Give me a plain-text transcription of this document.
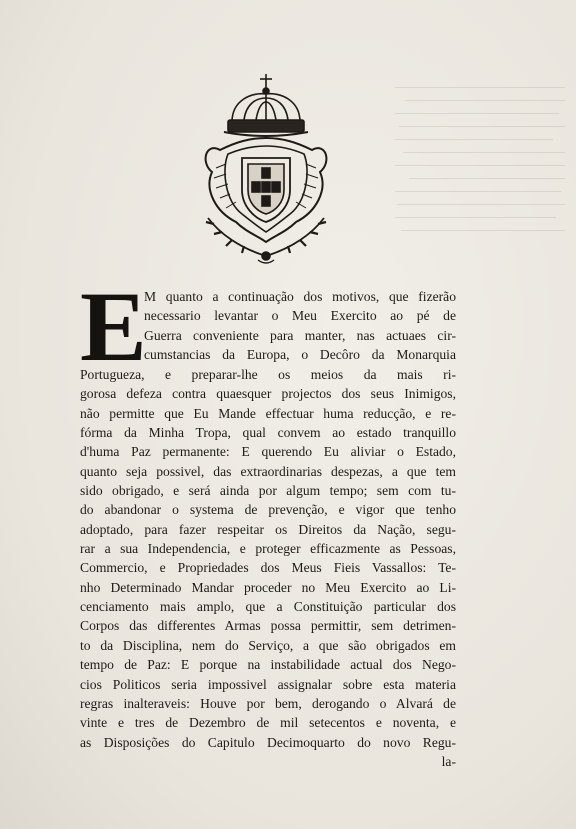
E
M quanto a continuação dos motivos, que fizerão
necessario levantar o Meu Exercito ao pé de
Guerra conveniente para manter, nas actuaes cir-
cumstancias da Europa, o Decôro da Monarquia
Portugueza, e preparar-lhe os meios da mais ri-
gorosa defeza contra quaesquer projectos dos seus Inimigos,
não permitte que Eu Mande effectuar huma reducção, e re-
fórma da Minha Tropa, qual convem ao estado tranquillo
d'huma Paz permanente: E querendo Eu aliviar o Estado,
quanto seja possivel, das extraordinarias despezas, a que tem
sido obrigado, e será ainda por algum tempo; sem com tu-
do abandonar o systema de prevenção, e vigor que tenho
adoptado, para fazer respeitar os Direitos da Nação, segu-
rar a sua Independencia, e proteger efficazmente as Pessoas,
Commercio, e Propriedades dos Meus Fieis Vassallos: Te-
nho Determinado Mandar proceder no Meu Exercito ao Li-
cenciamento mais amplo, que a Constituição particular dos
Corpos das differentes Armas possa permittir, sem detrimen-
to da Disciplina, nem do Serviço, a que são obrigados em
tempo de Paz: E porque na instabilidade actual dos Nego-
cios Politicos seria impossivel assignalar sobre esta materia
regras inalteraveis: Houve por bem, derogando o Alvará de
vinte e tres de Dezembro de mil setecentos e noventa, e
as Disposições do Capitulo Decimoquarto do novo Regu-
la-
